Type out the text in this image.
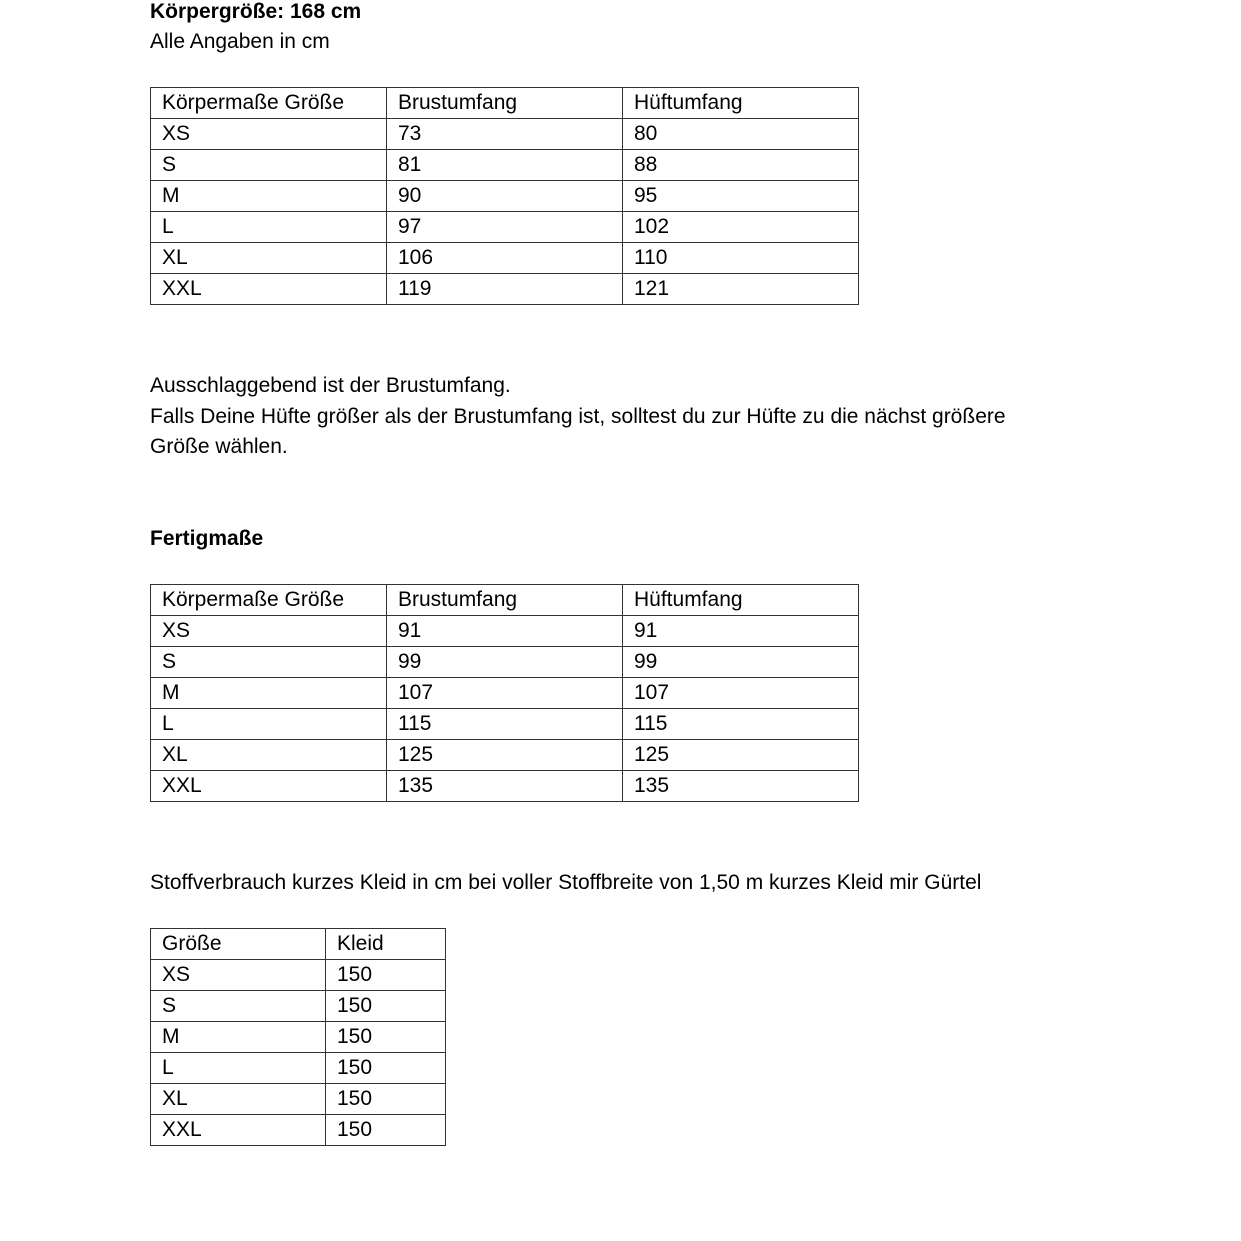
Körpergröße: 168 cm
Alle Angaben in cm
Körpermaße Größe	Brustumfang	Hüftumfang
XS	73	80
S	81	88
M	90	95
L	97	102
XL	106	110
XXL	119	121
Ausschlaggebend ist der Brustumfang.
Falls Deine Hüfte größer als der Brustumfang ist, solltest du zur Hüfte zu die nächst größere
Größe wählen.
Fertigmaße
Körpermaße Größe	Brustumfang	Hüftumfang
XS	91	91
S	99	99
M	107	107
L	115	115
XL	125	125
XXL	135	135
Stoffverbrauch kurzes Kleid in cm bei voller Stoffbreite von 1,50 m kurzes Kleid mir Gürtel
Größe	Kleid
XS	150
S	150
M	150
L	150
XL	150
XXL	150
